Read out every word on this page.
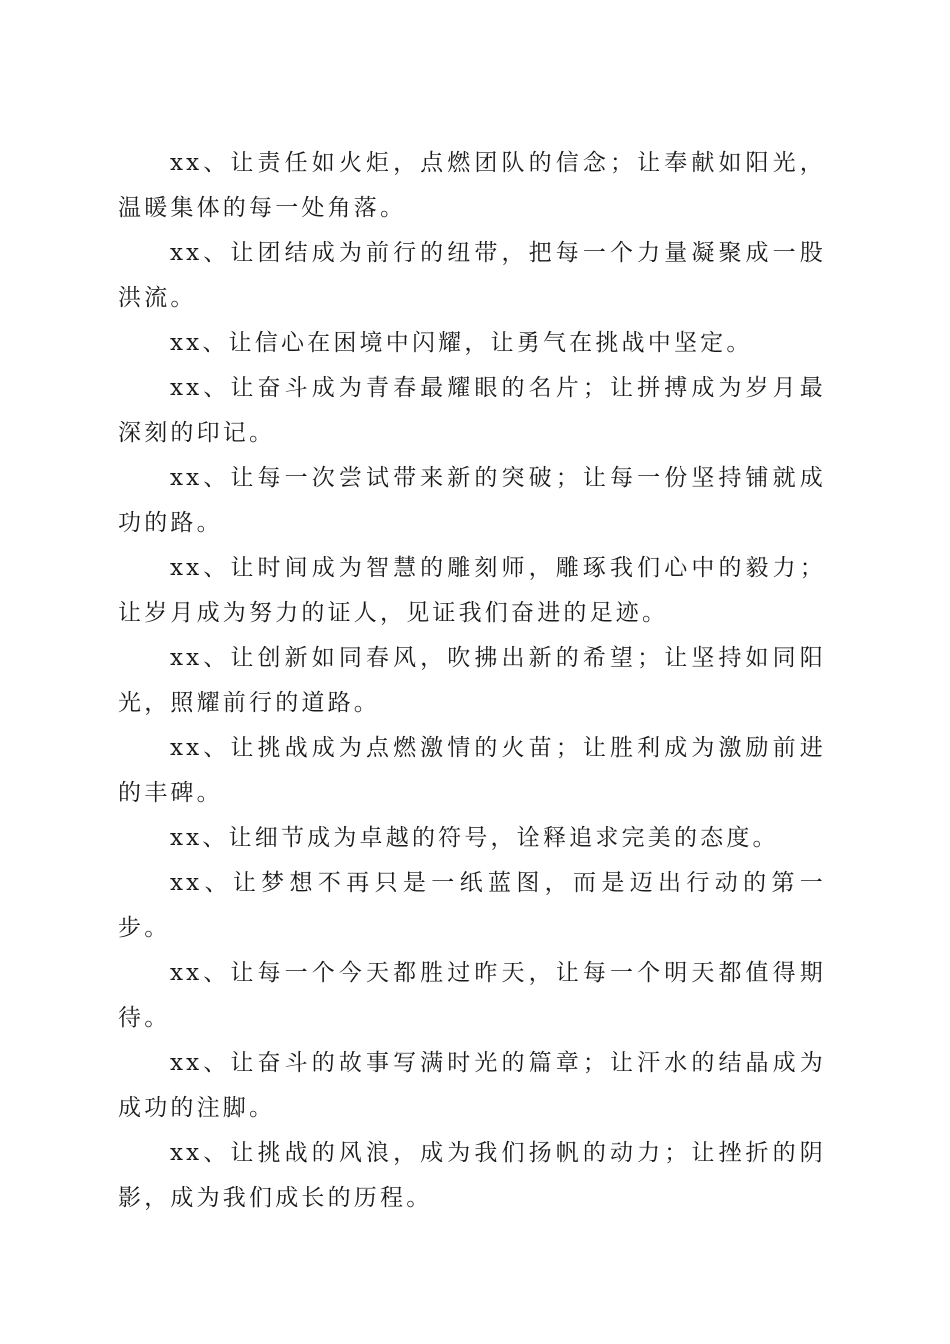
xx、让责任如火炬，点燃团队的信念；让奉献如阳光，温暖集体的每一处角落。

xx、让团结成为前行的纽带，把每一个力量凝聚成一股洪流。

xx、让信心在困境中闪耀，让勇气在挑战中坚定。

xx、让奋斗成为青春最耀眼的名片；让拼搏成为岁月最深刻的印记。

xx、让每一次尝试带来新的突破；让每一份坚持铺就成功的路。

xx、让时间成为智慧的雕刻师，雕琢我们心中的毅力；让岁月成为努力的证人，见证我们奋进的足迹。

xx、让创新如同春风，吹拂出新的希望；让坚持如同阳光，照耀前行的道路。

xx、让挑战成为点燃激情的火苗；让胜利成为激励前进的丰碑。

xx、让细节成为卓越的符号，诠释追求完美的态度。

xx、让梦想不再只是一纸蓝图，而是迈出行动的第一步。

xx、让每一个今天都胜过昨天，让每一个明天都值得期待。

xx、让奋斗的故事写满时光的篇章；让汗水的结晶成为成功的注脚。

xx、让挑战的风浪，成为我们扬帆的动力；让挫折的阴影，成为我们成长的历程。
